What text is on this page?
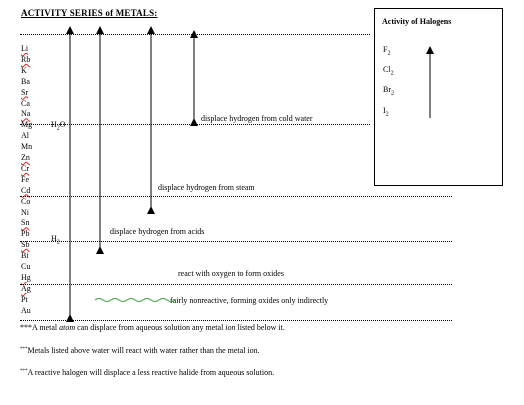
ACTIVITY SERIES of METALS:
Li
Rb
K
Ba
Sr
Ca
Na
Mg
Al
Mn
Zn
Cr
Fe
Cd
Co
Ni
Sn
Pb
Sb
Bi
Cu
Hg
Ag
Pt
Au
$H_2O$
$H_2$
displace hydrogen from cold water
displace hydrogen from steam
displace hydrogen from acids
react with oxygen to form oxides
fairly nonreactive, forming oxides only indirectly
Activity of Halogens
$F_2$
$Cl_2$
$Br_2$
$I_2$
***A metal atom can displace from aqueous solution any metal ion listed below it.
***Metals listed above water will react with water rather than the metal ion.
***A reactive halogen will displace a less reactive halide from aqueous solution.
